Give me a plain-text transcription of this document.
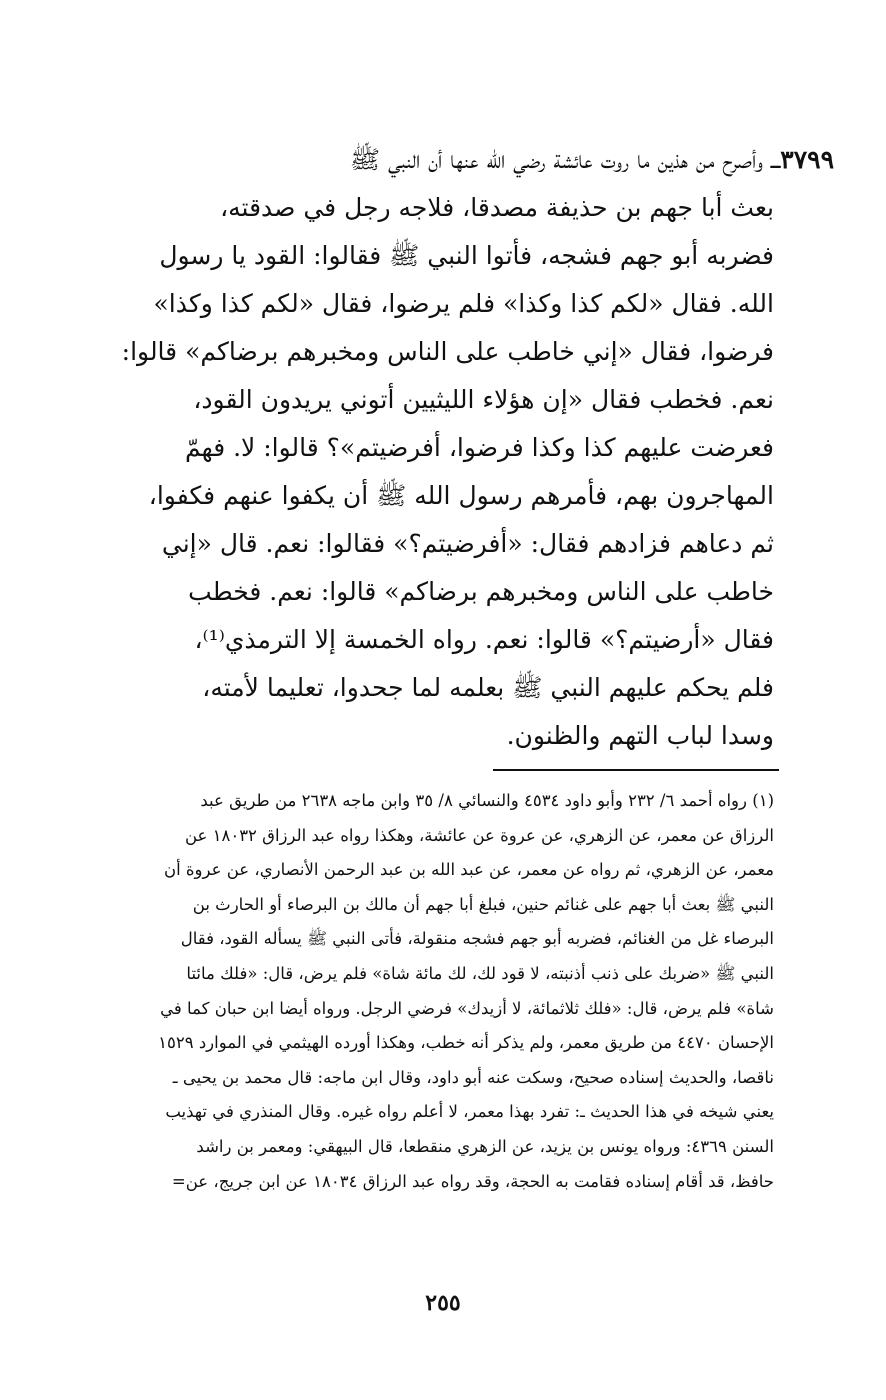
٣٧٩٩ـــ وأصرح من هذين ما روت عائشة رضي الله عنها أن النبي ﷺ
بعث أبا جهم بن حذيفة مصدقا، فلاجه رجل في صدقته،
فضربه أبو جهم فشجه، فأتوا النبي ﷺ فقالوا: القود يا رسول
الله. فقال «لكم كذا وكذا» فلم يرضوا، فقال «لكم كذا وكذا»
فرضوا، فقال «إني خاطب على الناس ومخبرهم برضاكم» قالوا:
نعم. فخطب فقال «إن هؤلاء الليثيين أتوني يريدون القود،
فعرضت عليهم كذا وكذا فرضوا، أفرضيتم»؟ قالوا: لا. فهمّ
المهاجرون بهم، فأمرهم رسول الله ﷺ أن يكفوا عنهم فكفوا،
ثم دعاهم فزادهم فقال: «أفرضيتم؟» فقالوا: نعم. قال «إني
خاطب على الناس ومخبرهم برضاكم» قالوا: نعم. فخطب
فقال «أرضيتم؟» قالوا: نعم. رواه الخمسة إلا الترمذي⁽¹⁾،
فلم يحكم عليهم النبي ﷺ بعلمه لما جحدوا، تعليما لأمته،
وسدا لباب التهم والظنون.
(١) رواه أحمد ٦/ ٢٣٢ وأبو داود ٤٥٣٤ والنسائي ٨/ ٣٥ وابن ماجه ٢٦٣٨ من طريق عبد
الرزاق عن معمر، عن الزهري، عن عروة عن عائشة، وهكذا رواه عبد الرزاق ١٨٠٣٢ عن
معمر، عن الزهري، ثم رواه عن معمر، عن عبد الله بن عبد الرحمن الأنصاري، عن عروة أن
النبي ﷺ بعث أبا جهم على غنائم حنين، فبلغ أبا جهم أن مالك بن البرصاء أو الحارث بن
البرصاء غل من الغنائم، فضربه أبو جهم فشجه منقولة، فأتى النبي ﷺ يسأله القود، فقال
النبي ﷺ «ضربك على ذنب أذنبته، لا قود لك، لك مائة شاة» فلم يرض، قال: «فلك مائتا
شاة» فلم يرض، قال: «فلك ثلاثمائة، لا أزيدك» فرضي الرجل. ورواه أيضا ابن حبان كما في
الإحسان ٤٤٧٠ من طريق معمر، ولم يذكر أنه خطب، وهكذا أورده الهيثمي في الموارد ١٥٢٩
ناقصا، والحديث إسناده صحيح، وسكت عنه أبو داود، وقال ابن ماجه: قال محمد بن يحيى ـ
يعني شيخه في هذا الحديث ـ: تفرد بهذا معمر، لا أعلم رواه غيره. وقال المنذري في تهذيب
السنن ٤٣٦٩: ورواه يونس بن يزيد، عن الزهري منقطعا، قال البيهقي: ومعمر بن راشد
حافظ، قد أقام إسناده فقامت به الحجة، وقد رواه عبد الرزاق ١٨٠٣٤ عن ابن جريج، عن=
٢٥٥
